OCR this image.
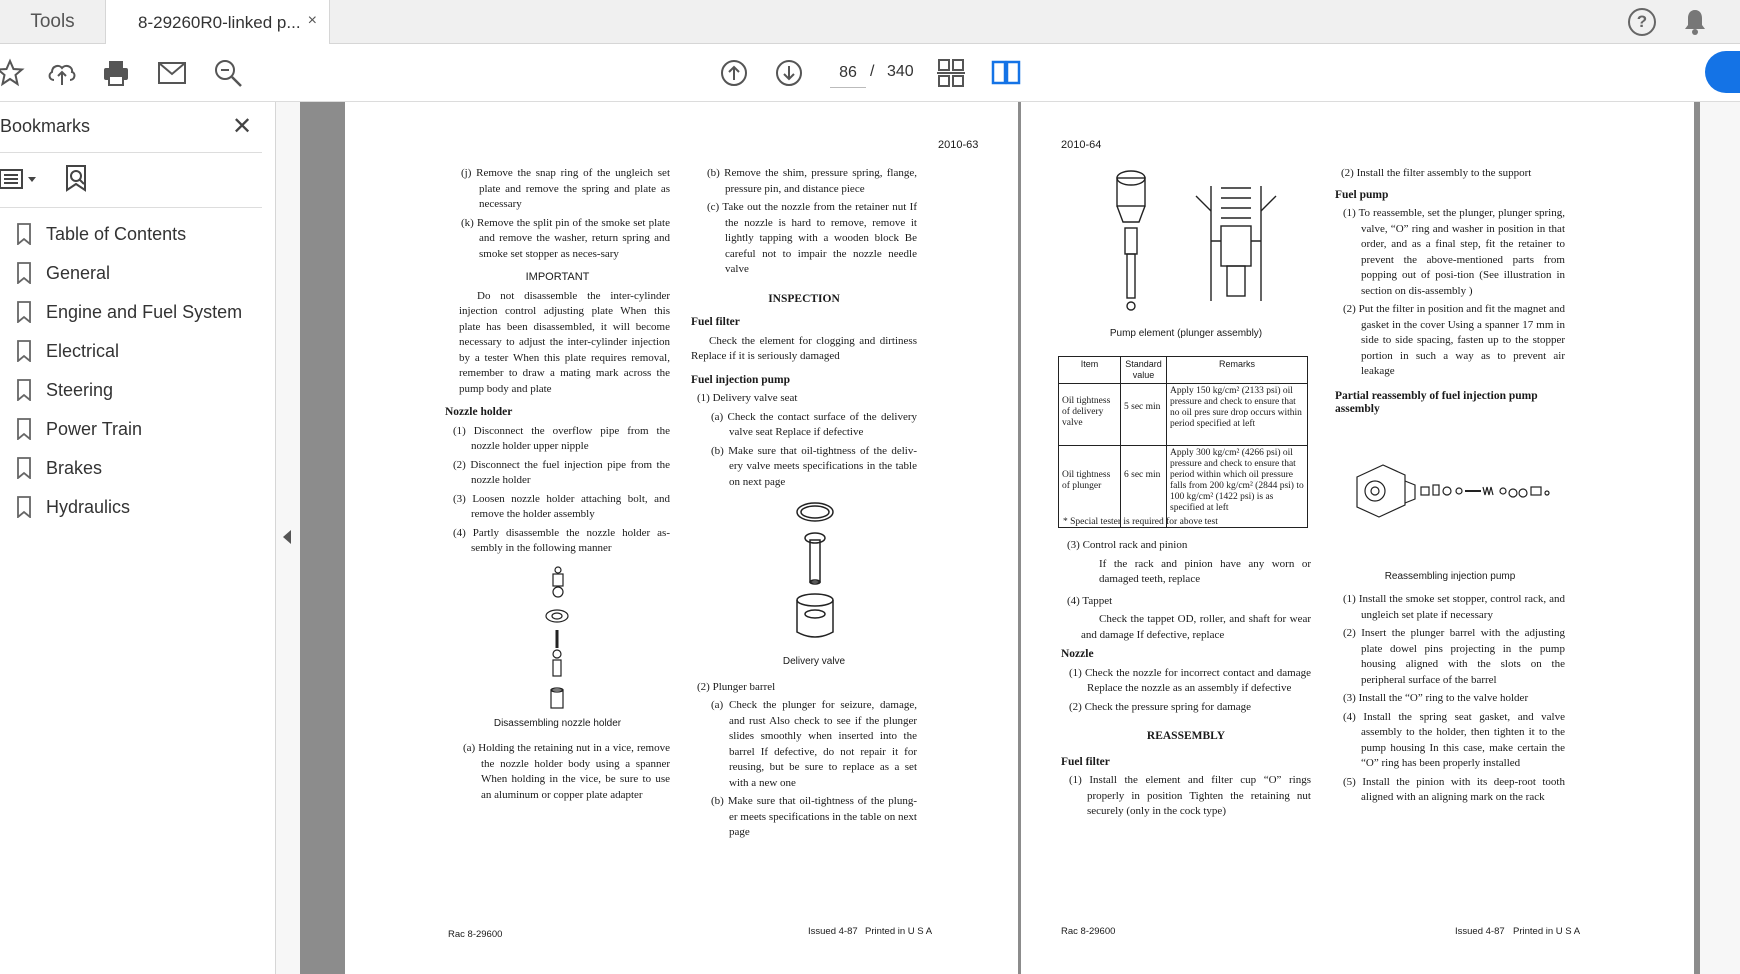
Tools	8-29260R0-linked p... ×	?
86 / 340
Bookmarks	✕
Table of Contents
General
Engine and Fuel System
Electrical
Steering
Power Train
Brakes
Hydraulics
2010-63

(j) Remove the snap ring of the ungleich set plate and remove the spring and plate as necessary

(k) Remove the split pin of the smoke set plate and remove the washer, return spring and smoke set stopper as neces-sary

IMPORTANT

Do not disassemble the inter-cylinder injection control adjusting plate When this plate has been disassembled, it will become necessary to adjust the inter-cylinder injection by a tester When this plate requires removal, remember to draw a mating mark across the pump body and plate

Nozzle holder

(1) Disconnect the overflow pipe from the nozzle holder upper nipple

(2) Disconnect the fuel injection pipe from the nozzle holder

(3) Loosen nozzle holder attaching bolt, and remove the holder assembly

(4) Partly disassemble the nozzle holder as-sembly in the following manner

Disassembling nozzle holder

(a) Holding the retaining nut in a vice, remove the nozzle holder body using a spanner When holding in the vice, be sure to use an aluminum or copper plate adapter

(b) Remove the shim, pressure spring, flange, pressure pin, and distance piece

(c) Take out the nozzle from the retainer nut If the nozzle is hard to remove, remove it lightly tapping with a wooden block Be careful not to impair the nozzle needle valve

INSPECTION

Fuel filter

Check the element for clogging and dirtiness Replace if it is seriously damaged

Fuel injection pump

(1) Delivery valve seat

(a) Check the contact surface of the delivery valve seat Replace if defective

(b) Make sure that oil-tightness of the deliv-ery valve meets specifications in the table on next page

Delivery valve

(2) Plunger barrel

(a) Check the plunger for seizure, damage, and rust Also check to see if the plunger slides smoothly when inserted into the barrel If defective, do not repair it for reusing, but be sure to replace as a set with a new one

(b) Make sure that oil-tightness of the plung-er meets specifications in the table on next page

Rac 8-29600	Issued 4-87 Printed in U S A
2010-64

Pump element (plunger assembly)

Item	Standard value	Remarks
Oil tightness of delivery valve	5 sec min	Apply 150 kg/cm² (2133 psi) oil pressure and check to ensure that no oil pres sure drop occurs within period specified at left
Oil tightness of plunger	6 sec min	Apply 300 kg/cm² (4266 psi) oil pressure and check to ensure that period within which oil pressure falls from 200 kg/cm² (2844 psi) to 100 kg/cm² (1422 psi) is as specified at left

* Special tester is required for above test

(3) Control rack and pinion

If the rack and pinion have any worn or damaged teeth, replace

(4) Tappet

Check the tappet OD, roller, and shaft for wear and damage If defective, replace

Nozzle

(1) Check the nozzle for incorrect contact and damage Replace the nozzle as an assembly if defective

(2) Check the pressure spring for damage

REASSEMBLY

Fuel filter

(1) Install the element and filter cup “O” rings properly in position Tighten the retaining nut securely (only in the cock type)

(2) Install the filter assembly to the support

Fuel pump

(1) To reassemble, set the plunger, plunger spring, valve, “O” ring and washer in position in that order, and as a final step, fit the retainer to prevent the above-mentioned parts from popping out of posi-tion (See illustration in section on dis-assembly )

(2) Put the filter in position and fit the magnet and gasket in the cover Using a spanner 17 mm in side to side spacing, fasten up to the stopper portion in such a way as to prevent air leakage

Partial reassembly of fuel injection pump assembly

Reassembling injection pump

(1) Install the smoke set stopper, control rack, and ungleich set plate if necessary

(2) Insert the plunger barrel with the adjusting plate dowel pins projecting in the pump housing aligned with the slots on the peripheral surface of the barrel

(3) Install the “O” ring to the valve holder

(4) Install the spring seat gasket, and valve assembly to the holder, then tighten it to the pump housing In this case, make certain the “O” ring has been properly installed

(5) Install the pinion with its deep-root tooth aligned with an aligning mark on the rack

Rac 8-29600	Issued 4-87 Printed in U S A
